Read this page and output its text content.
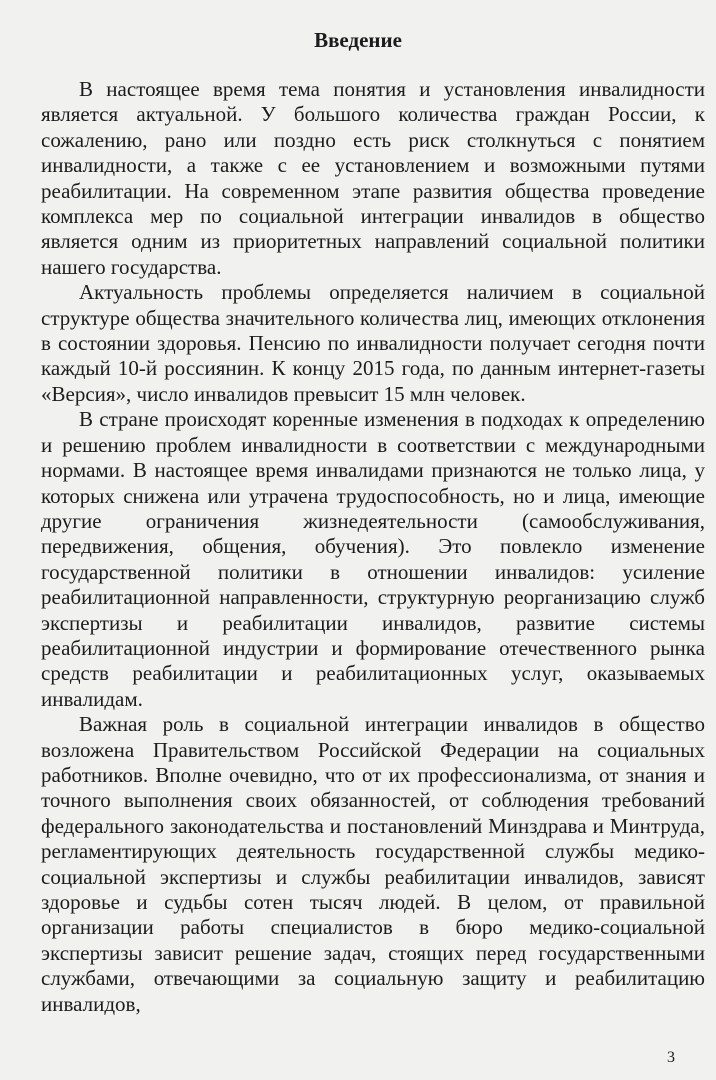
Введение

В настоящее время тема понятия и установления инвалидности является актуальной. У большого количества граждан России, к сожалению, рано или поздно есть риск столкнуться с понятием инвалидности, а также с ее установлением и возможными путями реабилитации. На современном этапе развития общества проведение комплекса мер по социальной интеграции инвалидов в общество является одним из приоритетных направлений социальной политики нашего государства.

Актуальность проблемы определяется наличием в социальной структуре общества значительного количества лиц, имеющих отклонения в состоянии здоровья. Пенсию по инвалидности получает сегодня почти каждый 10-й россиянин. К концу 2015 года, по данным интернет-газеты «Версия», число инвалидов превысит 15 млн человек.

В стране происходят коренные изменения в подходах к определению и решению проблем инвалидности в соответствии с международными нормами. В настоящее время инвалидами признаются не только лица, у которых снижена или утрачена трудоспособность, но и лица, имеющие другие ограничения жизнедеятельности (самообслуживания, передвижения, общения, обучения). Это повлекло изменение государственной политики в отношении инвалидов: усиление реабилитационной направленности, структурную реорганизацию служб экспертизы и реабилитации инвалидов, развитие системы реабилитационной индустрии и формирование отечественного рынка средств реабилитации и реабилитационных услуг, оказываемых инвалидам.

Важная роль в социальной интеграции инвалидов в общество возложена Правительством Российской Федерации на социальных работников. Вполне очевидно, что от их профессионализма, от знания и точного выполнения своих обязанностей, от соблюдения требований федерального законодательства и постановлений Минздрава и Минтруда, регламентирующих деятельность государственной службы медико-социальной экспертизы и службы реабилитации инвалидов, зависят здоровье и судьбы сотен тысяч людей. В целом, от правильной организации работы специалистов в бюро медико-социальной экспертизы зависит решение задач, стоящих перед государственными службами, отвечающими за социальную защиту и реабилитацию инвалидов,

3
